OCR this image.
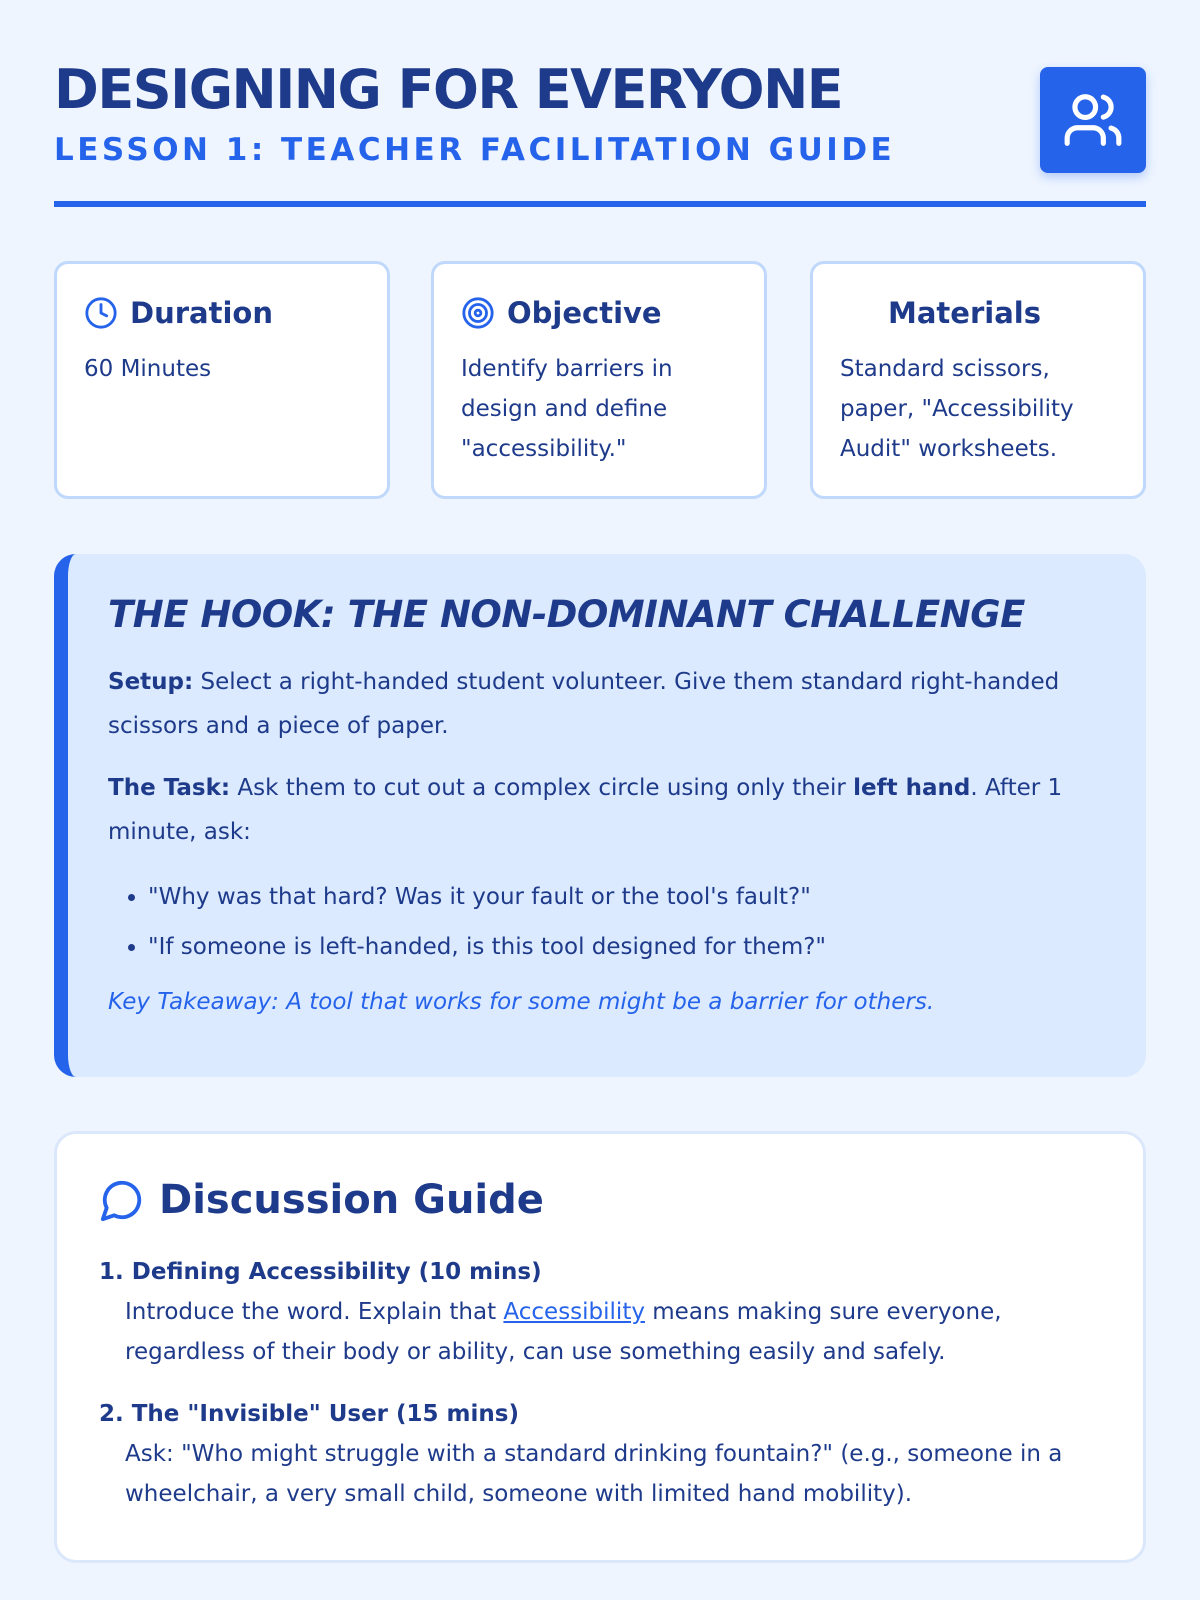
DESIGNING FOR EVERYONE
LESSON 1: TEACHER FACILITATION GUIDE
Duration
60 Minutes
Objective
Identify barriers in design and define "accessibility."
Materials
Standard scissors, paper, "Accessibility Audit" worksheets.
THE HOOK: THE NON-DOMINANT CHALLENGE

Setup: Select a right-handed student volunteer. Give them standard right-handed scissors and a piece of paper.

The Task: Ask them to cut out a complex circle using only their left hand. After 1 minute, ask:

• "Why was that hard? Was it your fault or the tool's fault?"
• "If someone is left-handed, is this tool designed for them?"

Key Takeaway: A tool that works for some might be a barrier for others.

Discussion Guide
1. Defining Accessibility (10 mins)
Introduce the word. Explain that Accessibility means making sure everyone, regardless of their body or ability, can use something easily and safely.
2. The "Invisible" User (15 mins)
Ask: "Who might struggle with a standard drinking fountain?" (e.g., someone in a wheelchair, a very small child, someone with limited hand mobility).
